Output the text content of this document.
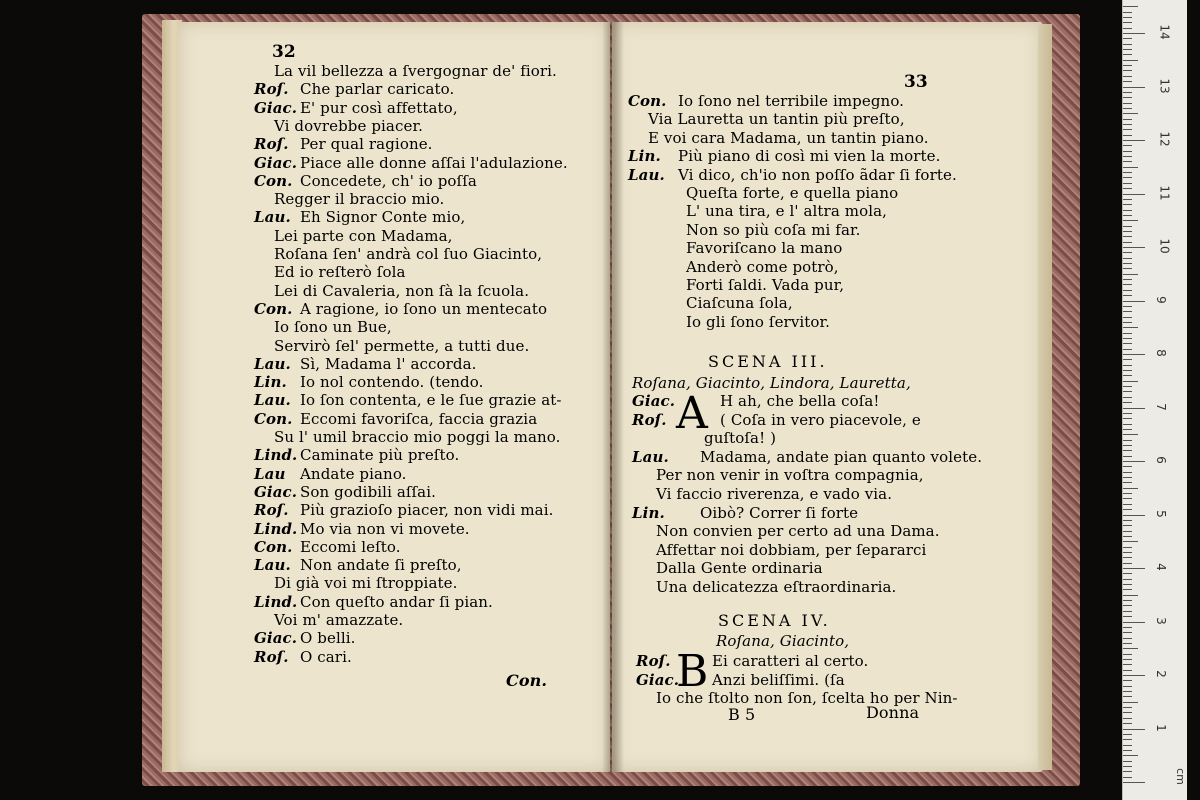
32
La vil bellezza a ſvergognar de' fiori.
Roſ. Che parlar caricato.
Giac. E' pur così affettato,
Vi dovrebbe piacer.
Roſ. Per qual ragione.
Giac. Piace alle donne aſſai l'adulazione.
Con. Concedete, ch' io poſſa
Regger il braccio mio.
Lau. Eh Signor Conte mio,
Lei parte con Madama,
Roſana ſen' andrà col ſuo Giacinto,
Ed io reſterò ſola
Lei di Cavaleria, non ſà la ſcuola.
Con. A ragione, io ſono un mentecato
Io ſono un Bue,
Servirò ſel' permette, a tutti due.
Lau. Sì, Madama l' accorda.
Lin. Io nol contendo. (tendo.
Lau. Io ſon contenta, e le ſue grazie at-
Con. Eccomi favoriſca, faccia grazia
Su l' umil braccio mio poggi la mano.
Lind. Caminate più preſto.
Lau Andate piano.
Giac. Son godibili aſſai.
Roſ. Più grazioſo piacer, non vidi mai.
Lind. Mo via non vi movete.
Con. Eccomi leſto.
Lau. Non andate ſi preſto,
Di già voi mi ſtroppiate.
Lind. Con queſto andar ſi pian.
Voi m' amazzate.
Giac. O belli.
Roſ. O cari.
Con.
33
Con. Io ſono nel terribile impegno.
Via Lauretta un tantin più preſto,
E voi cara Madama, un tantin piano.
Lin. Più piano di così mi vien la morte.
Lau. Vi dico, ch'io non poſſo ãdar ſi forte.
Queſta forte, e quella piano
L' una tira, e l' altra mola,
Non so più coſa mi far.
Favoriſcano la mano
Anderò come potrò,
Forti ſaldi. Vada pur,
Ciaſcuna ſola,
Io gli ſono ſervitor.
SCENA III.
Roſana, Giacinto, Lindora, Lauretta,
A
Giac.	H ah, che bella coſa!
Roſ.	( Coſa in vero piacevole, e
guſtoſa! )
Lau. Madama, andate pian quanto volete.
Per non venir in voſtra compagnia,
Vi faccio riverenza, e vado via.
Lin. Oibò? Correr ſi forte
Non convien per certo ad una Dama.
Affettar noi dobbiam, per ſepararci
Dalla Gente ordinaria
Una delicatezza eſtraordinaria.
SCENA IV.
Roſana, Giacinto,
B
Roſ.	Ei caratteri al certo.
Giac. Anzi beliſſimi. (ſa
Io che ſtolto non ſon, ſcelta ho per Nin-
B 5	Donna
1
2
3
4
5
6
7
8
9
10
11
12
13
14
cm
